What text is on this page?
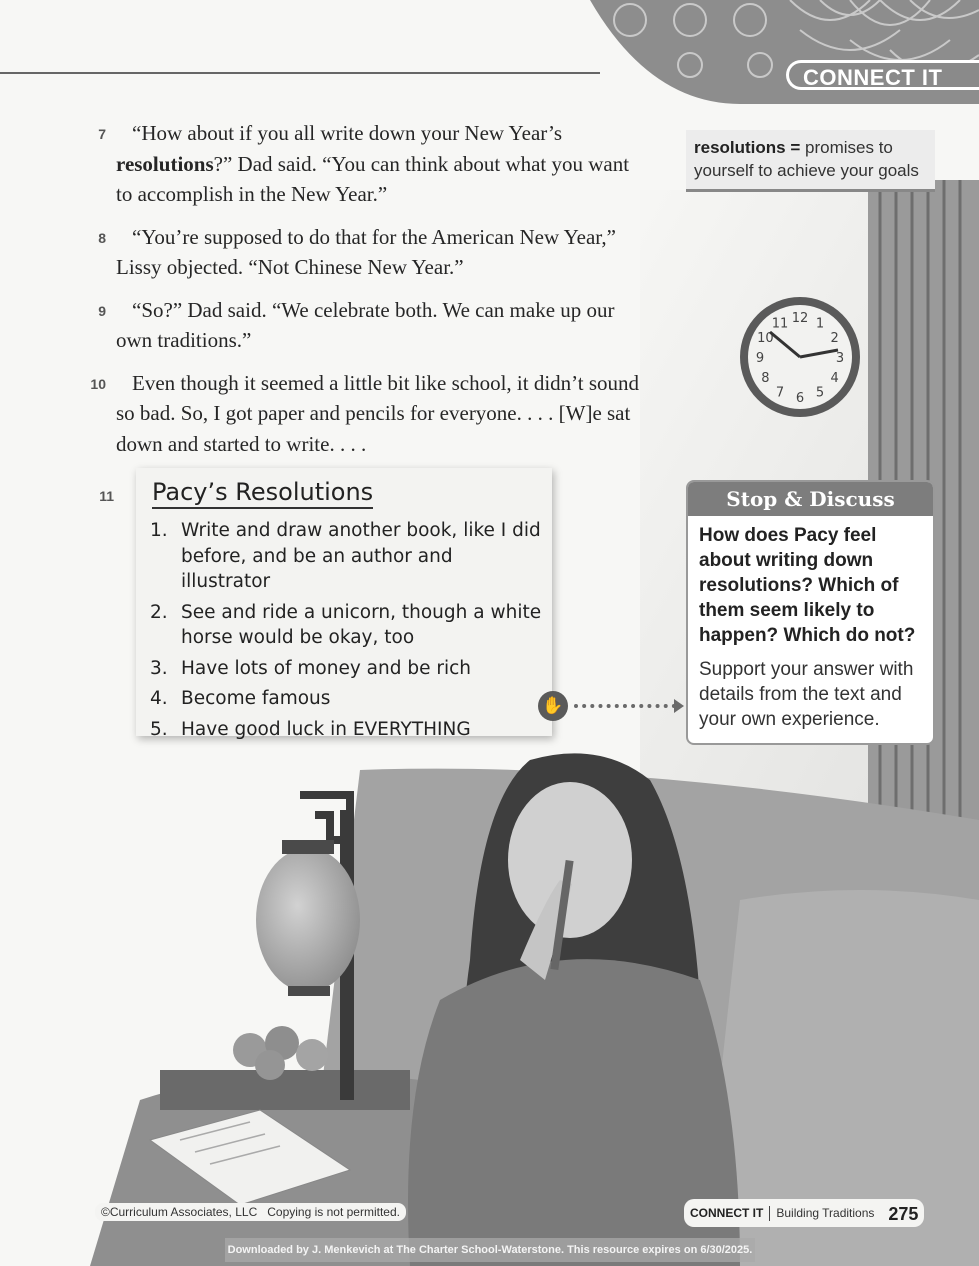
12 1
2
3
4
5
6
7
8
9
10
11
CONNECT IT
7 “How about if you all write down your New Year’s resolutions?” Dad said. “You can think about what you want to accomplish in the New Year.”
8 “You’re supposed to do that for the American New Year,” Lissy objected. “Not Chinese New Year.”
9 “So?” Dad said. “We celebrate both. We can make up our own traditions.”
10 Even though it seemed a little bit like school, it didn’t sound so bad. So, I got paper and pencils for everyone. . . . [W]e sat down and started to write. . . .
resolutions = promises to yourself to achieve your goals
11 Pacy’s Resolutions
1. Write and draw another book, like I did before, and be an author and illustrator
2. See and ride a unicorn, though a white horse would be okay, too
3. Have lots of money and be rich
4. Become famous
5. Have good luck in EVERYTHING
✋
Stop & Discuss
How does Pacy feel about writing down resolutions? Which of them seem likely to happen? Which do not?
Support your answer with details from the text and your own experience.
©Curriculum Associates, LLC Copying is not permitted.	CONNECT IT Building Traditions 275
Downloaded by J. Menkevich at The Charter School-Waterstone. This resource expires on 6/30/2025.
